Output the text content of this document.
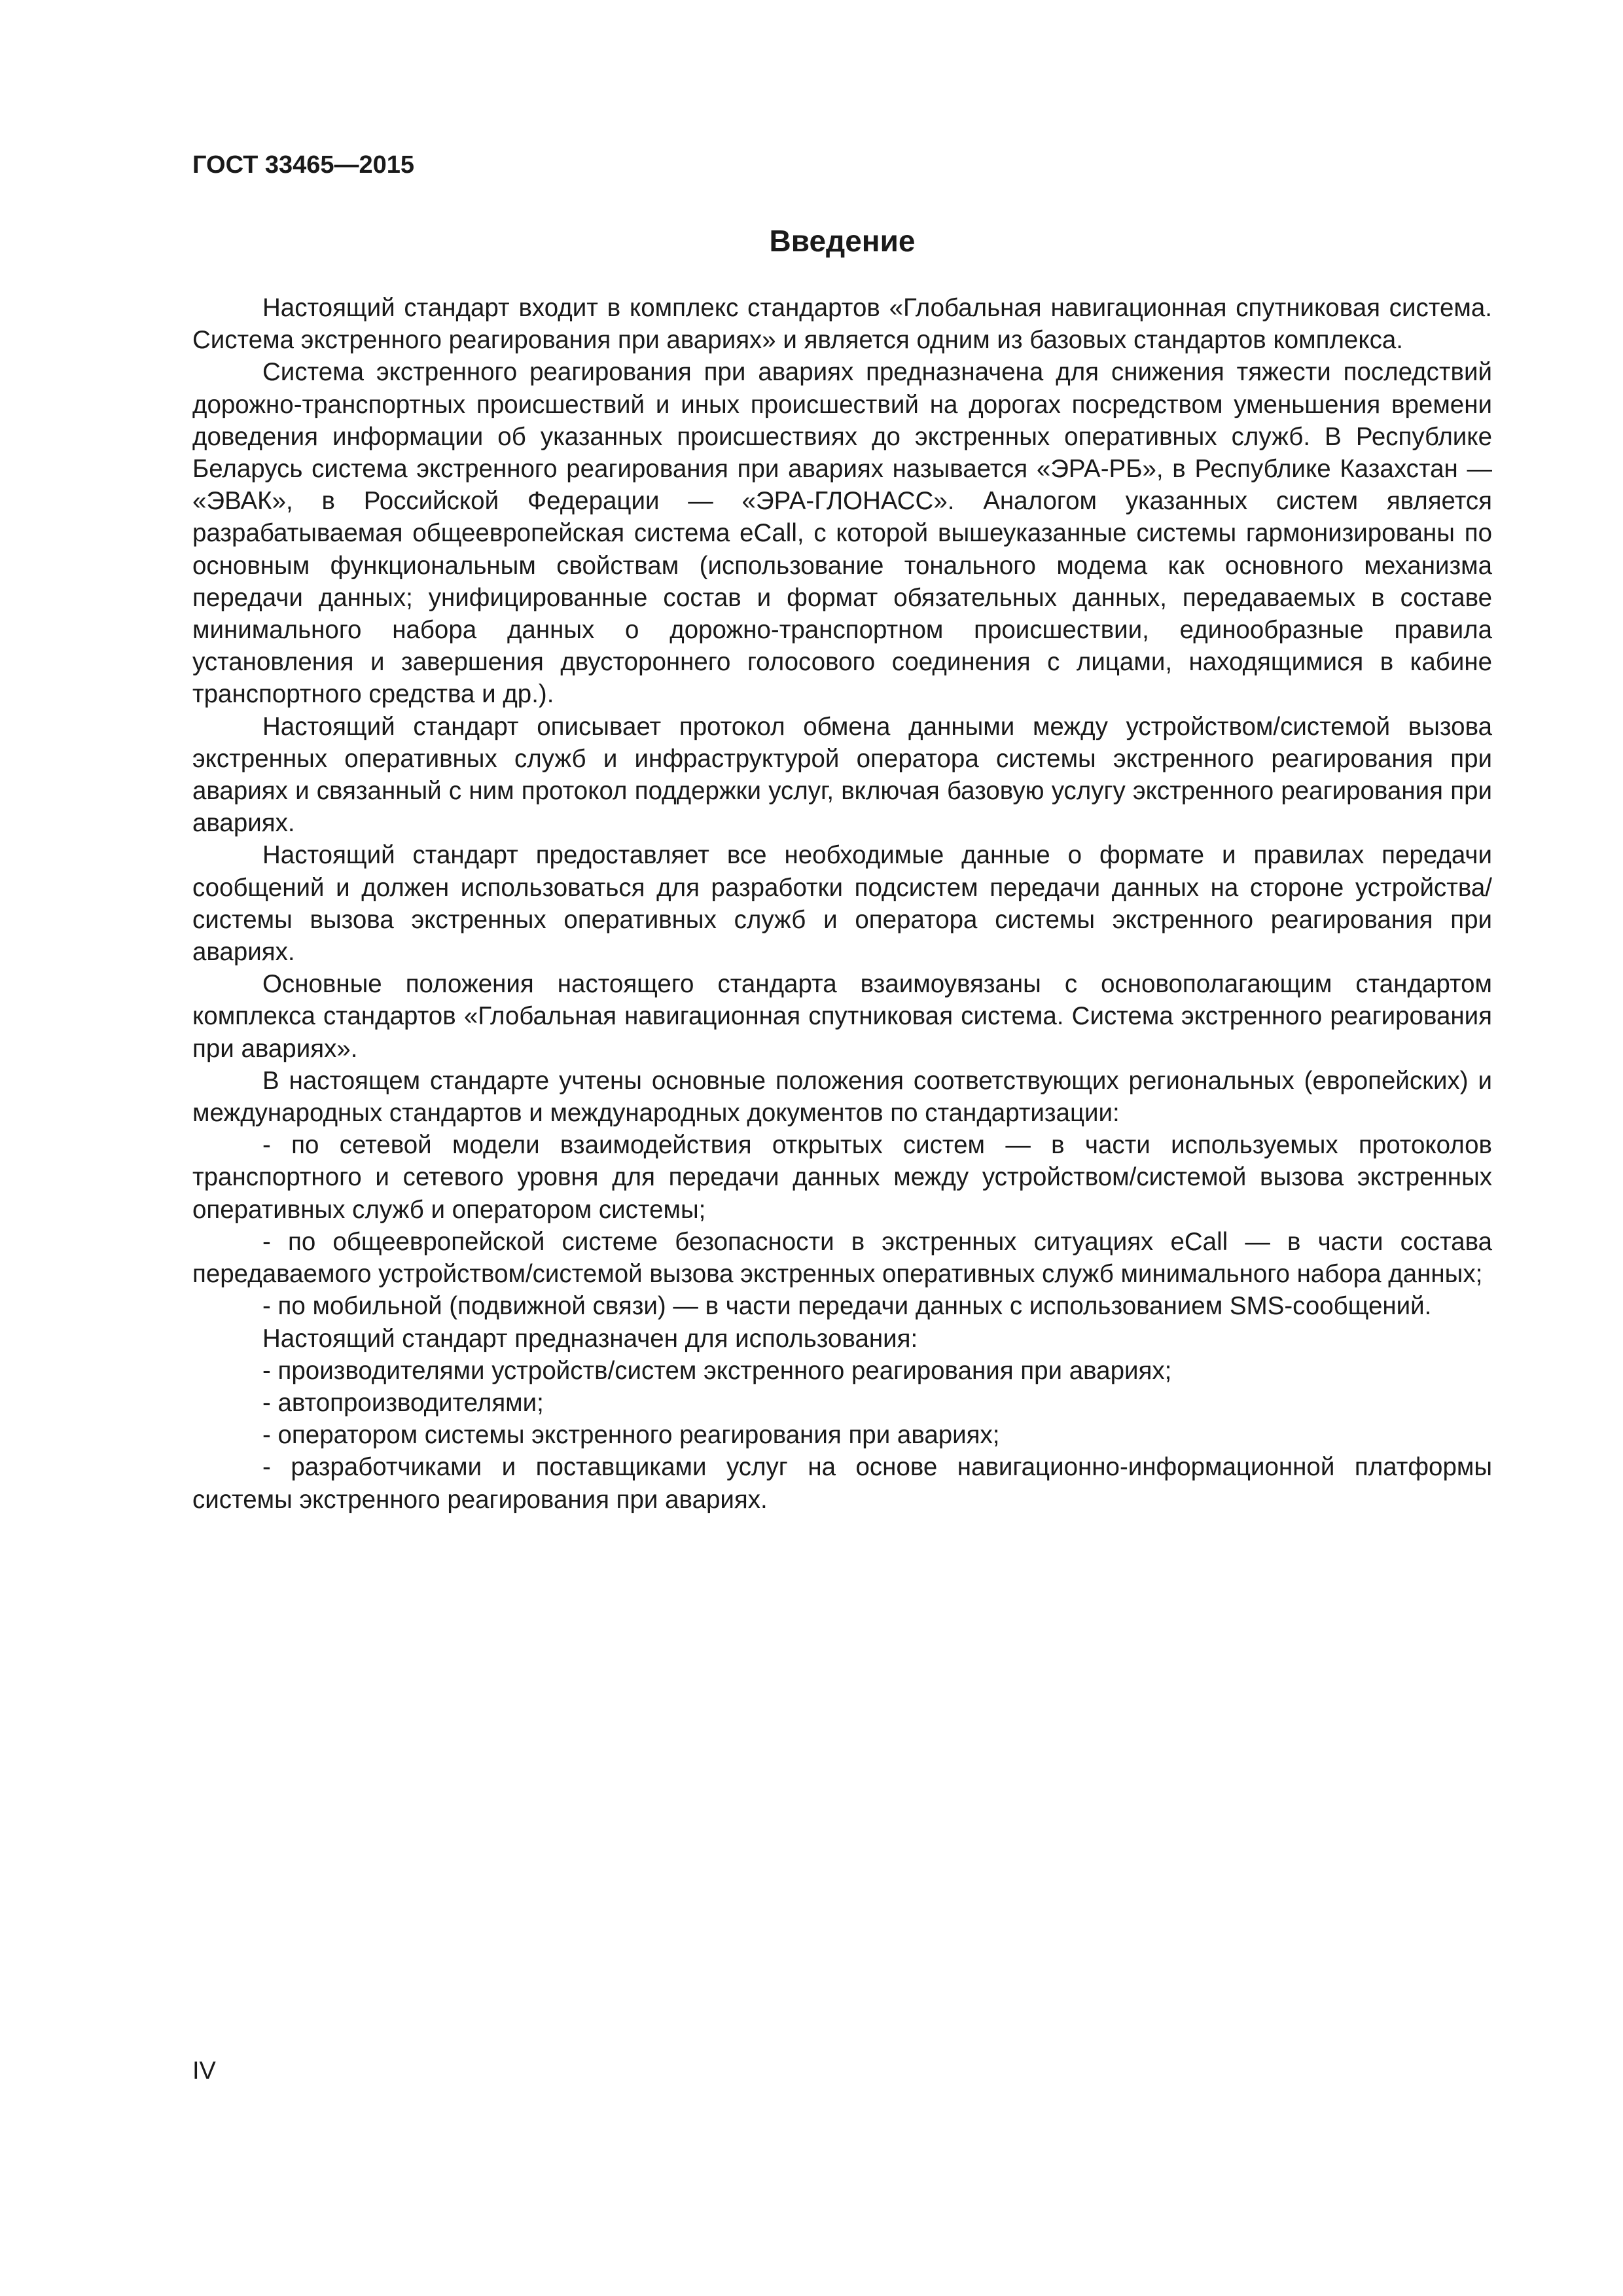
ГОСТ 33465—2015

Введение

Настоящий стандарт входит в комплекс стандартов «Глобальная навигационная спутниковая система. Система экстренного реагирования при авариях» и является одним из базовых стандартов комплекса.

Система экстренного реагирования при авариях предназначена для снижения тяжести последствий дорожно-транспортных происшествий и иных происшествий на дорогах посредством уменьшения времени доведения информации об указанных происшествиях до экстренных оперативных служб. В Республике Беларусь система экстренного реагирования при авариях называется «ЭРА-РБ», в Республике Казахстан — «ЭВАК», в Российской Федерации — «ЭРА-ГЛОНАСС». Аналогом указанных систем является разрабатываемая общеевропейская система eCall, с которой вышеуказанные системы гармонизированы по основным функциональным свойствам (использование тонального модема как основного механизма передачи данных; унифицированные состав и формат обязательных данных, передаваемых в составе минимального набора данных о дорожно-транспортном происшествии, единообразные правила установления и завершения двустороннего голосового соединения с лицами, находящимися в кабине транспортного средства и др.).

Настоящий стандарт описывает протокол обмена данными между устройством/системой вызова экстренных оперативных служб и инфраструктурой оператора системы экстренного реагирования при авариях и связанный с ним протокол поддержки услуг, включая базовую услугу экстренного реагирования при авариях.

Настоящий стандарт предоставляет все необходимые данные о формате и правилах передачи сообщений и должен использоваться для разработки подсистем передачи данных на стороне устройства/системы вызова экстренных оперативных служб и оператора системы экстренного реагирования при авариях.

Основные положения настоящего стандарта взаимоувязаны с основополагающим стандартом комплекса стандартов «Глобальная навигационная спутниковая система. Система экстренного реагирования при авариях».

В настоящем стандарте учтены основные положения соответствующих региональных (европейских) и международных стандартов и международных документов по стандартизации:

- по сетевой модели взаимодействия открытых систем — в части используемых протоколов транспортного и сетевого уровня для передачи данных между устройством/системой вызова экстренных оперативных служб и оператором системы;

- по общеевропейской системе безопасности в экстренных ситуациях eCall — в части состава передаваемого устройством/системой вызова экстренных оперативных служб минимального набора данных;

- по мобильной (подвижной связи) — в части передачи данных с использованием SMS-сообщений.

Настоящий стандарт предназначен для использования:

- производителями устройств/систем экстренного реагирования при авариях;

- автопроизводителями;

- оператором системы экстренного реагирования при авариях;

- разработчиками и поставщиками услуг на основе навигационно-информационной платформы системы экстренного реагирования при авариях.

IV
